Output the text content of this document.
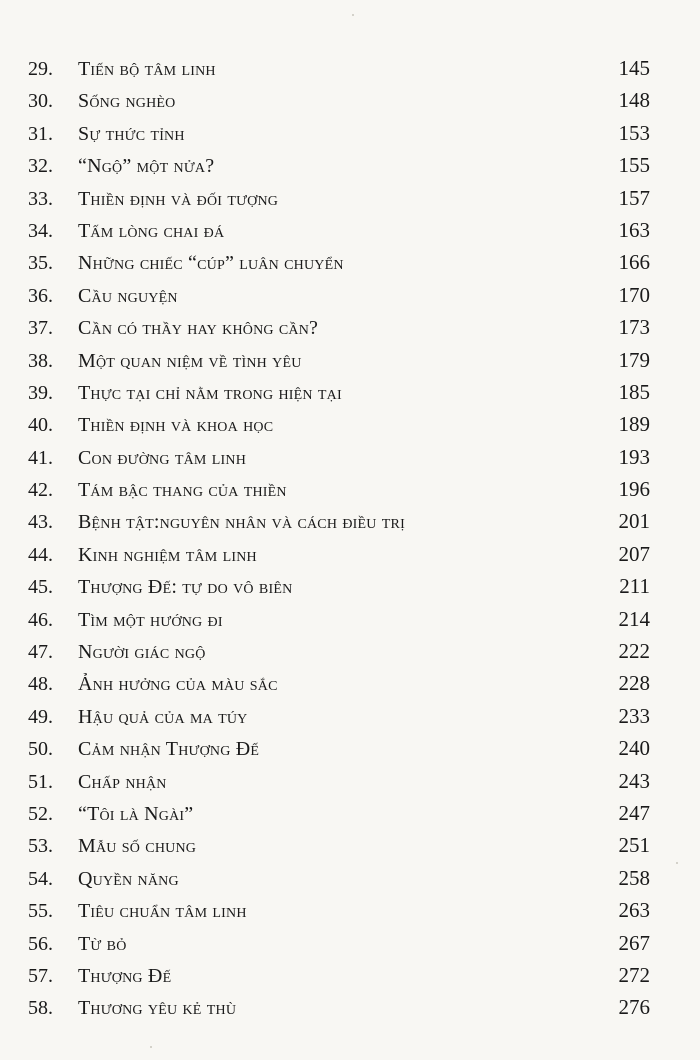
29.	Tiến bộ tâm linh	145
30.	Sống nghèo	148
31.	Sự thức tỉnh	153
32.	“Ngộ” một nửa?	155
33.	Thiền định và đối tượng	157
34.	Tấm lòng chai đá	163
35.	Những chiếc “cúp” luân chuyển	166
36.	Cầu nguyện	170
37.	Cần có thầy hay không cần?	173
38.	Một quan niệm về tình yêu	179
39.	Thực tại chỉ nằm trong hiện tại	185
40.	Thiền định và khoa học	189
41.	Con đường tâm linh	193
42.	Tám bậc thang của thiền	196
43.	Bệnh tật:nguyên nhân và cách điều trị	201
44.	Kinh nghiệm tâm linh	207
45.	Thượng Đế: tự do vô biên	211
46.	Tìm một hướng đi	214
47.	Người giác ngộ	222
48.	Ảnh hưởng của màu sắc	228
49.	Hậu quả của ma túy	233
50.	Cảm nhận Thượng Đế	240
51.	Chấp nhận	243
52.	“Tôi là Ngài”	247
53.	Mẫu số chung	251
54.	Quyền năng	258
55.	Tiêu chuẩn tâm linh	263
56.	Từ bỏ	267
57.	Thượng Đế	272
58.	Thương yêu kẻ thù	276
